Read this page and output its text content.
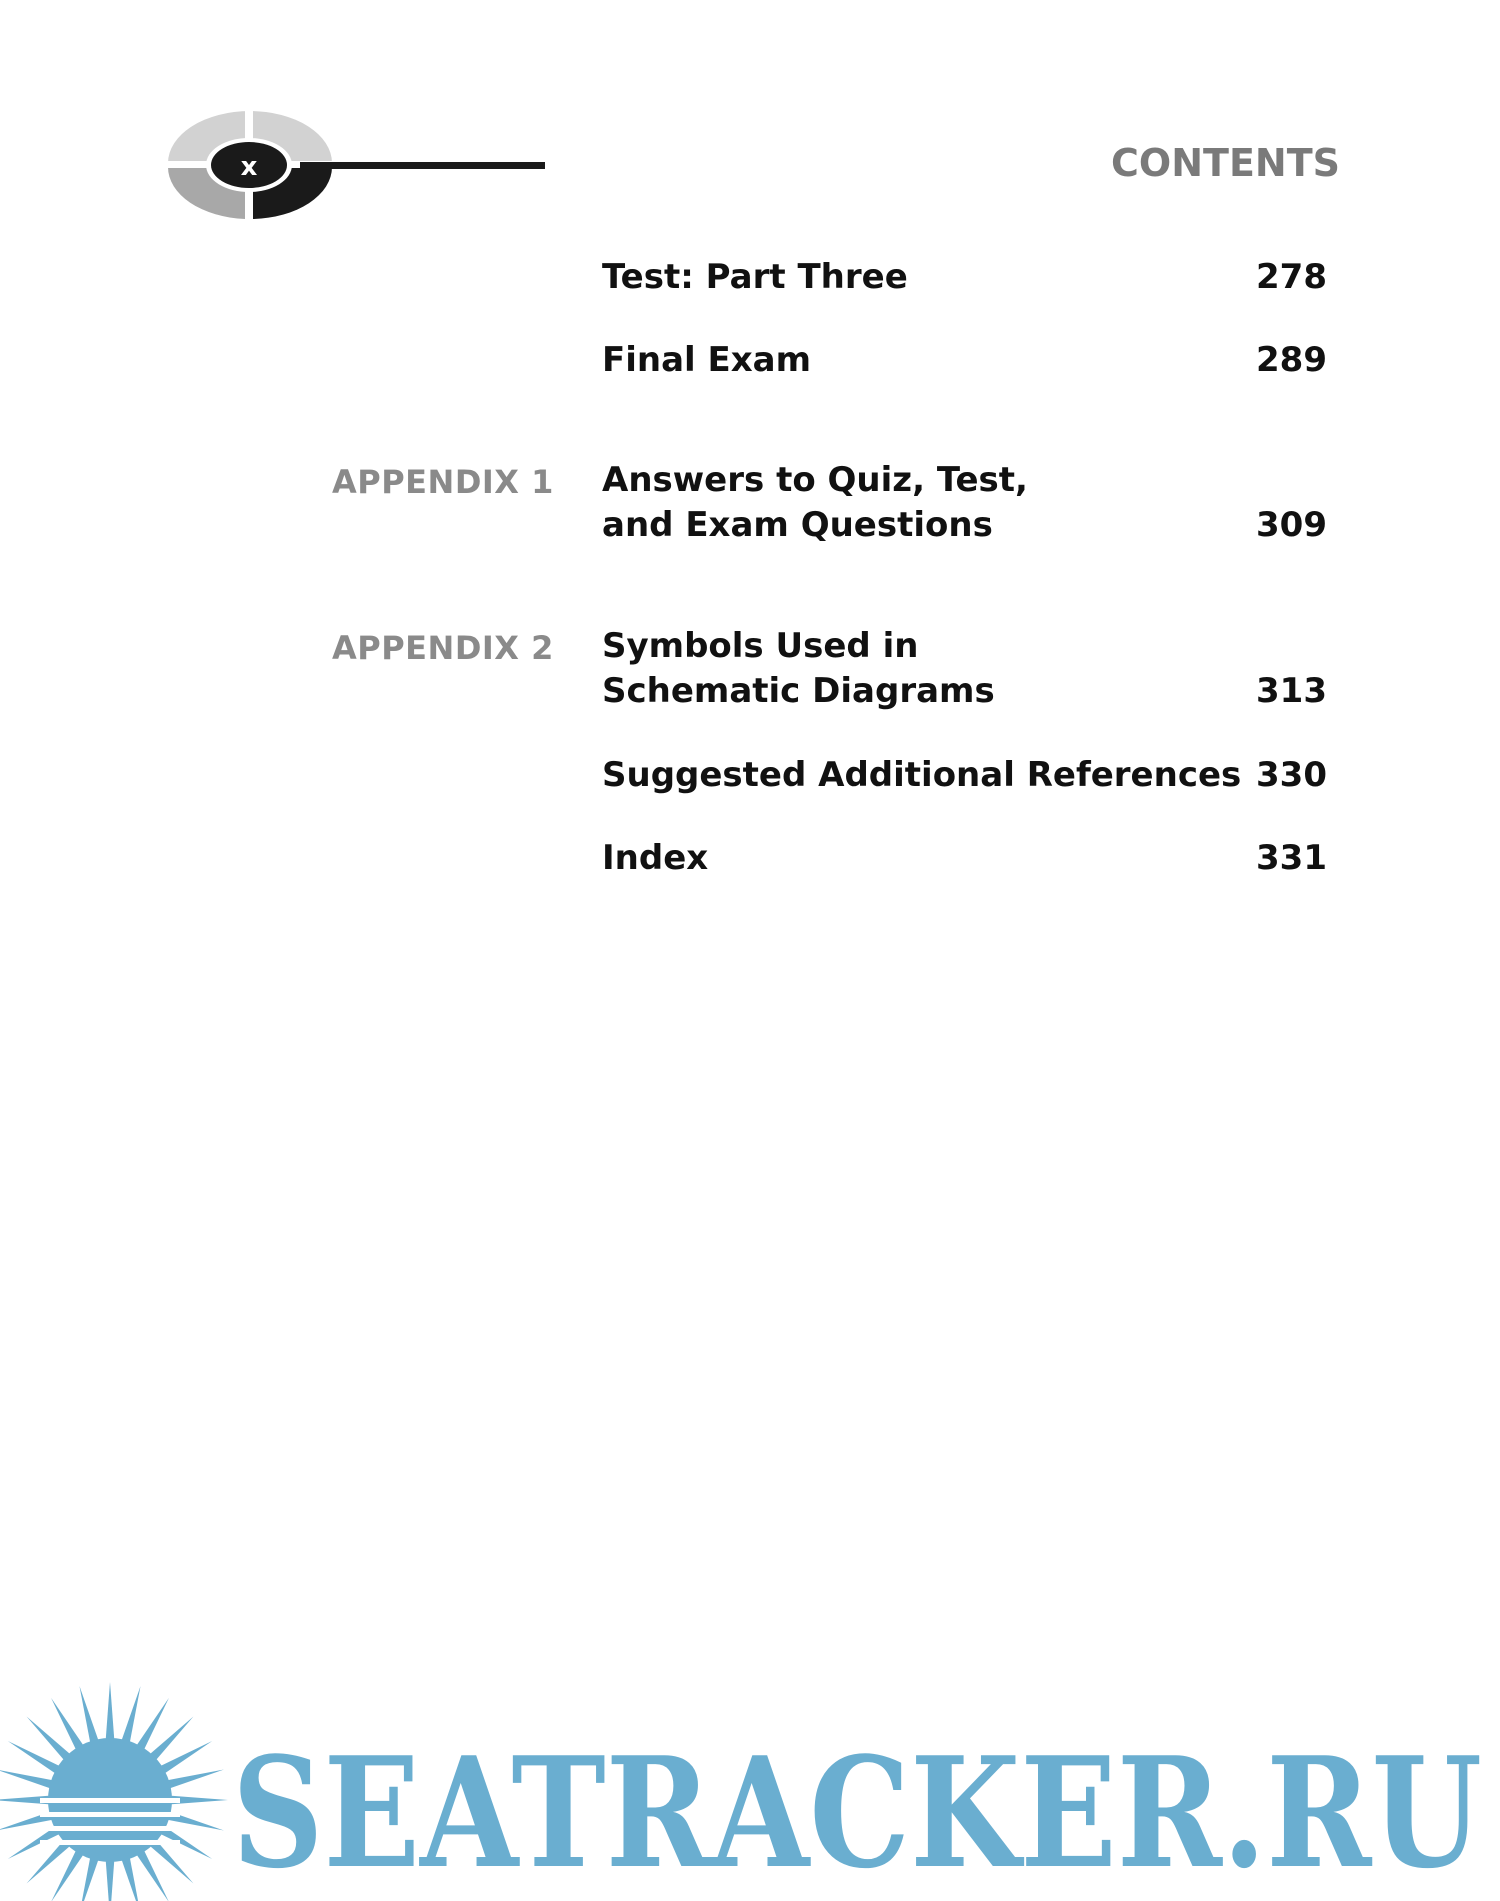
x	CONTENTS
Test: Part Three	278
Final Exam	289
APPENDIX 1 Answers to Quiz, Test,
and Exam Questions	309
APPENDIX 2 Symbols Used in
Schematic Diagrams	313
Suggested Additional References 330
Index	331
SEATRACKER.RU
